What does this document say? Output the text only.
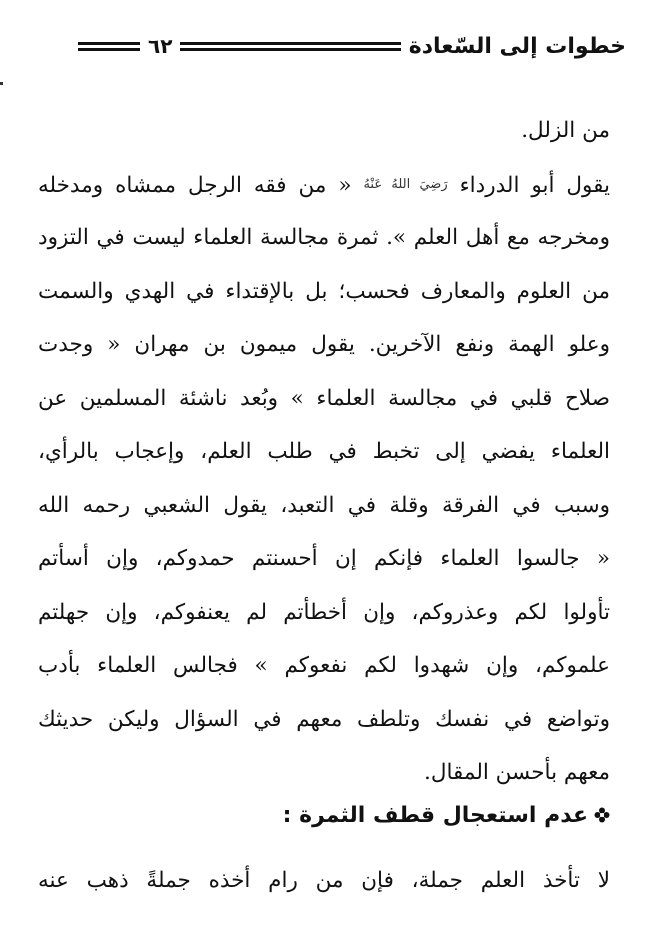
خطوات إلى السّعادة
٦٢
من الزلل.
يقول أبو الدرداء رَضِيَ اللهُ عَنْهُ « من فقه الرجل ممشاه ومدخله
ومخرجه مع أهل العلم ». ثمرة مجالسة العلماء ليست في التزود
من العلوم والمعارف فحسب؛ بل بالإقتداء في الهدي والسمت
وعلو الهمة ونفع الآخرين. يقول ميمون بن مهران « وجدت
صلاح قلبي في مجالسة العلماء » وبُعد ناشئة المسلمين عن
العلماء يفضي إلى تخبط في طلب العلم، وإعجاب بالرأي،
وسبب في الفرقة وقلة في التعبد، يقول الشعبي رحمه الله
« جالسوا العلماء فإنكم إن أحسنتم حمدوكم، وإن أسأتم
تأولوا لكم وعذروكم، وإن أخطأتم لم يعنفوكم، وإن جهلتم
علموكم، وإن شهدوا لكم نفعوكم » فجالس العلماء بأدب
وتواضع في نفسك وتلطف معهم في السؤال وليكن حديثك
معهم بأحسن المقال.
عدم استعجال قطف الثمرة :
لا تأخذ العلم جملة، فإن من رام أخذه جملةً ذهب عنه
